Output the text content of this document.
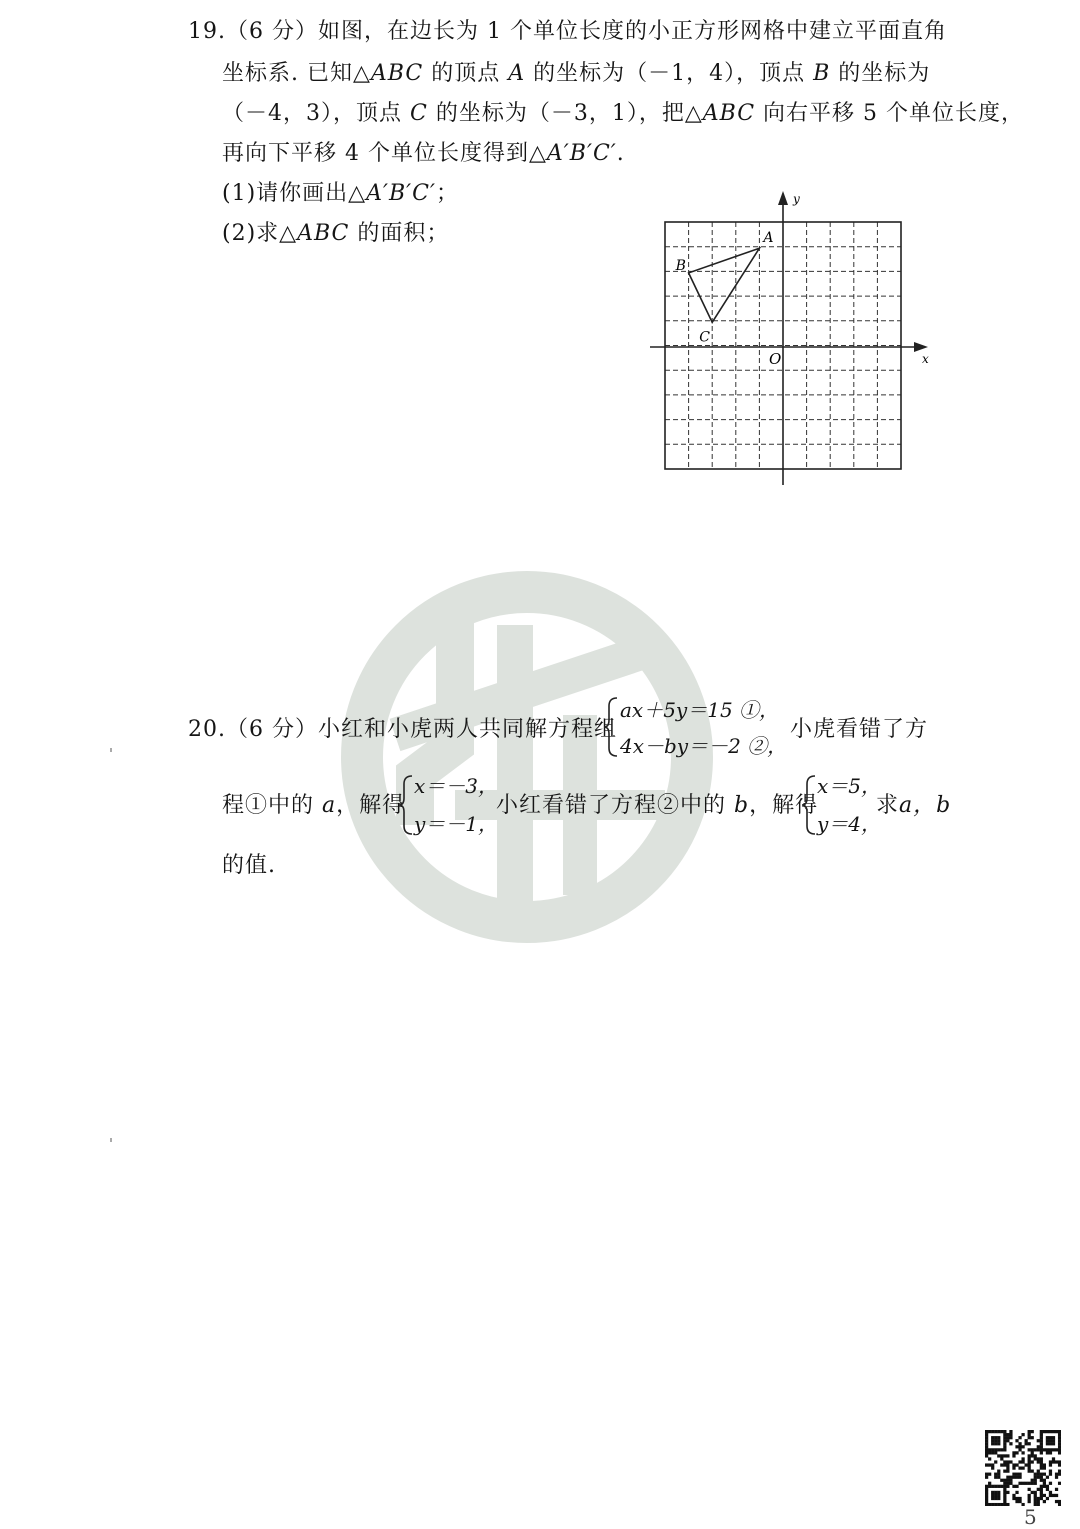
19.（6 分）如图，在边长为 1 个单位长度的小正方形网格中建立平面直角
坐标系. 已知△ABC 的顶点 A 的坐标为（－1，4），顶点 B 的坐标为
（－4，3），顶点 C 的坐标为（－3，1），把△ABC 向右平移 5 个单位长度，
再向下平移 4 个单位长度得到△A′B′C′.
(1)请你画出△A′B′C′；
(2)求△ABC 的面积；
x
y
O
A
B
C
20.（6 分）小红和小虎两人共同解方程组
ax＋5y＝15 ①，
4x－by＝－2 ②，
小虎看错了方
程①中的 a，解得
x＝－3，
y＝－1，
小红看错了方程②中的 b，解得
x＝5，
y＝4，
求a，b
的值.
5
